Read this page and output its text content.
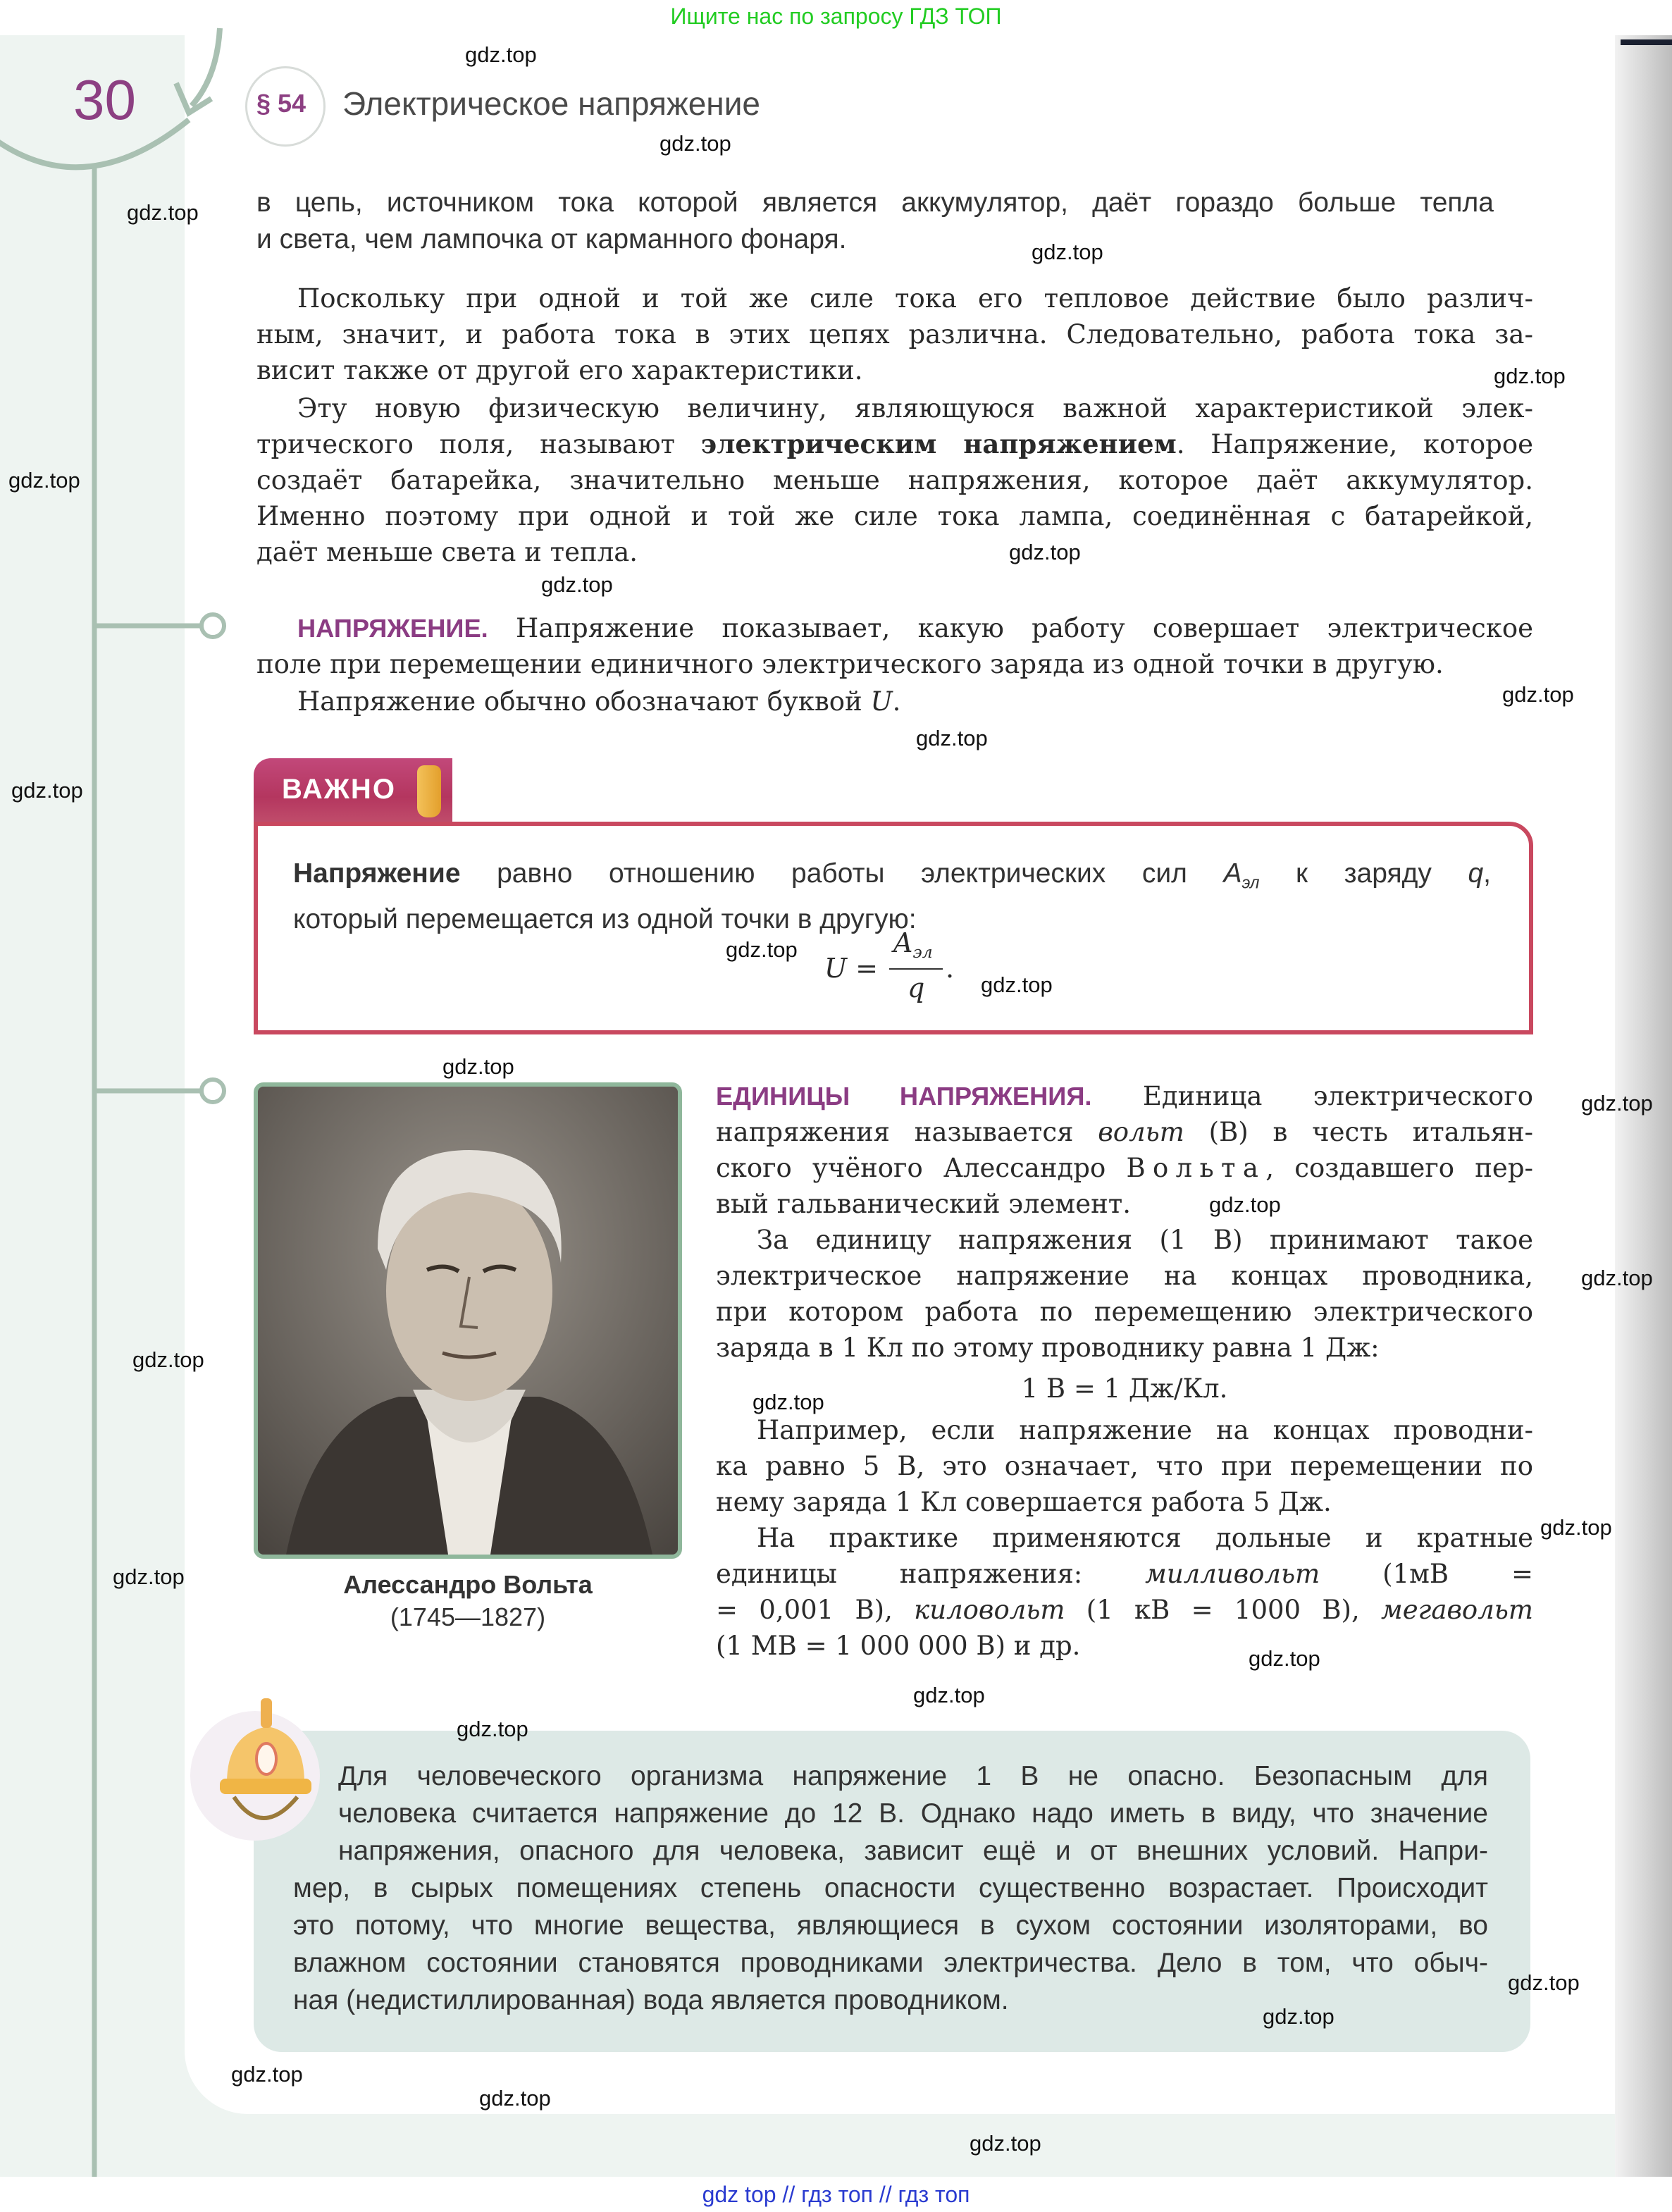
Ищите нас по запросу ГДЗ ТОП
30	§ 54 Электрическое напряжение
в цепь, источником тока которой является аккумулятор, даёт гораздо больше тепла
и света, чем лампочка от карманного фонаря.
Поскольку при одной и той же силе тока его тепловое действие было различ-
ным, значит, и работа тока в этих цепях различна. Следовательно, работа тока за-
висит также от другой его характеристики.
Эту новую физическую величину, являющуюся важной характеристикой элек-
трического поля, называют электрическим напряжением. Напряжение, которое
создаёт батарейка, значительно меньше напряжения, которое даёт аккумулятор.
Именно поэтому при одной и той же силе тока лампа, соединённая с батарейкой,
даёт меньше света и тепла.
НАПРЯЖЕНИЕ. Напряжение показывает, какую работу совершает электрическое
поле при перемещении единичного электрического заряда из одной точки в другую.
Напряжение обычно обозначают буквой U.
ВАЖНО
Напряжение равно отношению работы электрических сил $A_{эл}$ к заряду q,
который перемещается из одной точки в другую:
U =
$A_{эл}$
q
.
Алессандро Вольта
(1745—1827)
ЕДИНИЦЫ НАПРЯЖЕНИЯ. Единица электрического
напряжения называется вольт (В) в честь итальян-
ского учёного Алессандро Вольта, создавшего пер-
вый гальванический элемент.
За единицу напряжения (1 В) принимают такое
электрическое напряжение на концах проводника,
при котором работа по перемещению электрического
заряда в 1 Кл по этому проводнику равна 1 Дж:
1 В = 1 Дж/Кл.
Например, если напряжение на концах проводни-
ка равно 5 В, это означает, что при перемещении по
нему заряда 1 Кл совершается работа 5 Дж.
На практике применяются дольные и кратные
единицы напряжения: милливольт (1мВ =
= 0,001 В), киловольт (1 кВ = 1000 В), мегавольт
(1 МВ = 1 000 000 В) и др.
Для человеческого организма напряжение 1 В не опасно. Безопасным для
человека считается напряжение до 12 В. Однако надо иметь в виду, что значение
напряжения, опасного для человека, зависит ещё и от внешних условий. Напри-
мер, в сырых помещениях степень опасности существенно возрастает. Происходит
это потому, что многие вещества, являющиеся в сухом состоянии изоляторами, во
влажном состоянии становятся проводниками электричества. Дело в том, что обыч-
ная (недистиллированная) вода является проводником.
gdz.top
gdz.top
gdz.top
gdz.top
gdz.top
gdz.top
gdz.top
gdz.top
gdz.top
gdz.top
gdz.top
gdz.top
gdz.top
gdz.top
gdz.top
gdz.top
gdz.top
gdz.top
gdz.top
gdz.top
gdz.top
gdz.top
gdz.top
gdz.top
gdz.top
gdz.top
gdz.top
gdz.top
gdz.top
gdz top // гдз топ // гдз топ
